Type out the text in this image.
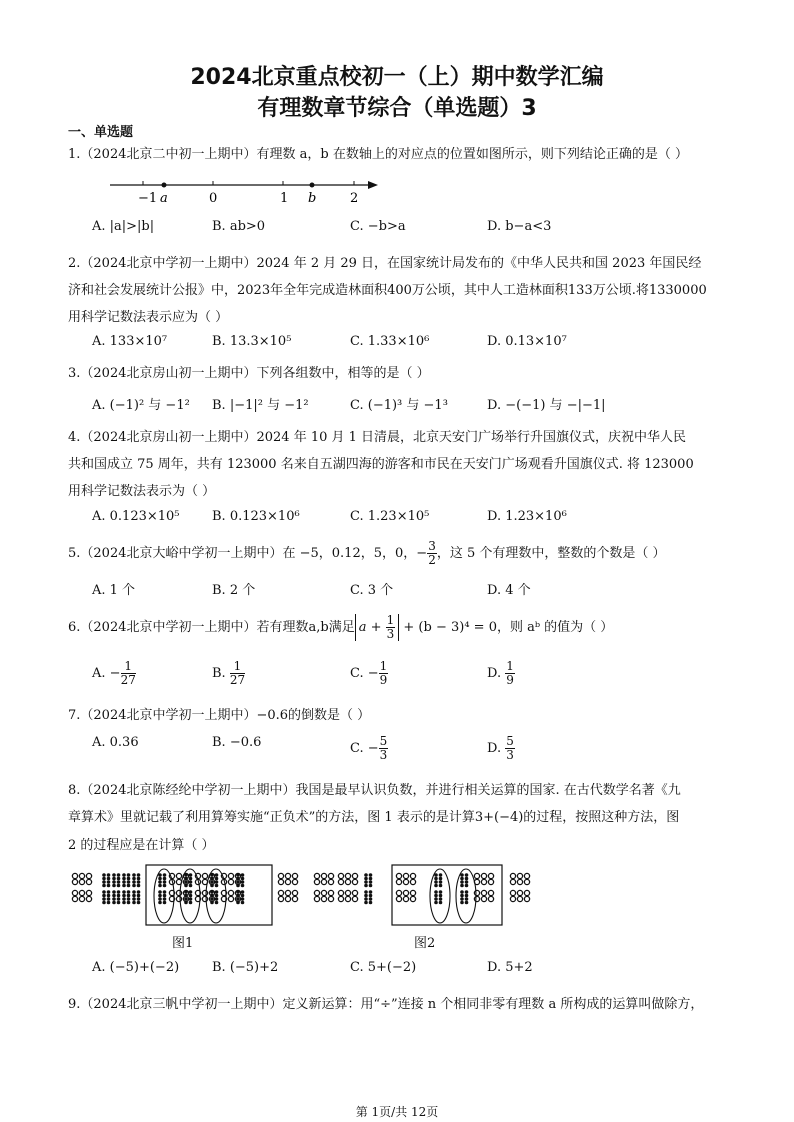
2024北京重点校初一（上）期中数学汇编
有理数章节综合（单选题）3
一、单选题
1.（2024北京二中初一上期中）有理数 a，b 在数轴上的对应点的位置如图所示，则下列结论正确的是（ ）
−1 a	0	1 b	2
A. |a|>|b|	B. ab>0	C. −b>a	D. b−a<3
2.（2024北京中学初一上期中）2024 年 2 月 29 日，在国家统计局发布的《中华人民共和国 2023 年国民经
济和社会发展统计公报》中，2023年全年完成造林面积400万公顷，其中人工造林面积133万公顷.将1330000
用科学记数法表示应为（ ）
A. 133×10⁷	B. 13.3×10⁵	C. 1.33×10⁶	D. 0.13×10⁷
3.（2024北京房山初一上期中）下列各组数中，相等的是（ ）
A. (−1)² 与 −1² B. |−1|² 与 −1²	C. (−1)³ 与 −1³	D. −(−1) 与 −|−1|
4.（2024北京房山初一上期中）2024 年 10 月 1 日清晨，北京天安门广场举行升国旗仪式，庆祝中华人民
共和国成立 75 周年，共有 123000 名来自五湖四海的游客和市民在天安门广场观看升国旗仪式. 将 123000
用科学记数法表示为（ ）
A. 0.123×10⁵ B. 0.123×10⁶	C. 1.23×10⁵	D. 1.23×10⁶
5.（2024北京大峪中学初一上期中）在 −5，0.12，5，0，− $\frac{3}{2}$ ，这 5 个有理数中，整数的个数是（ ）
A. 1 个	B. 2 个	C. 3 个	D. 4 个
6.（2024北京中学初一上期中）若有理数a,b满足 $a + \frac{1}{3} + (b - 3)^4 = 0$，则 aᵇ 的值为（ ）
A. − $\frac{1}{27}$	B. $\frac{1}{27}$	C. − $\frac{1}{9}$	D. $\frac{1}{9}$
7.（2024北京中学初一上期中）−0.6的倒数是（ ）
A. 0.36	B. −0.6	C. − $\frac{5}{3}$	D. $\frac{5}{3}$
8.（2024北京陈经纶中学初一上期中）我国是最早认识负数，并进行相关运算的国家. 在古代数学名著《九
章算术》里就记载了利用算筹实施“正负术”的方法，图 1 表示的是计算3+(−4)的过程，按照这种方法，图
2 的过程应是在计算（ ）
图1	图2
A. (−5)+(−2)	B. (−5)+2	C. 5+(−2)	D. 5+2
9.（2024北京三帆中学初一上期中）定义新运算：用“÷”连接 n 个相同非零有理数 a 所构成的运算叫做除方，
第 1页/共 12页
